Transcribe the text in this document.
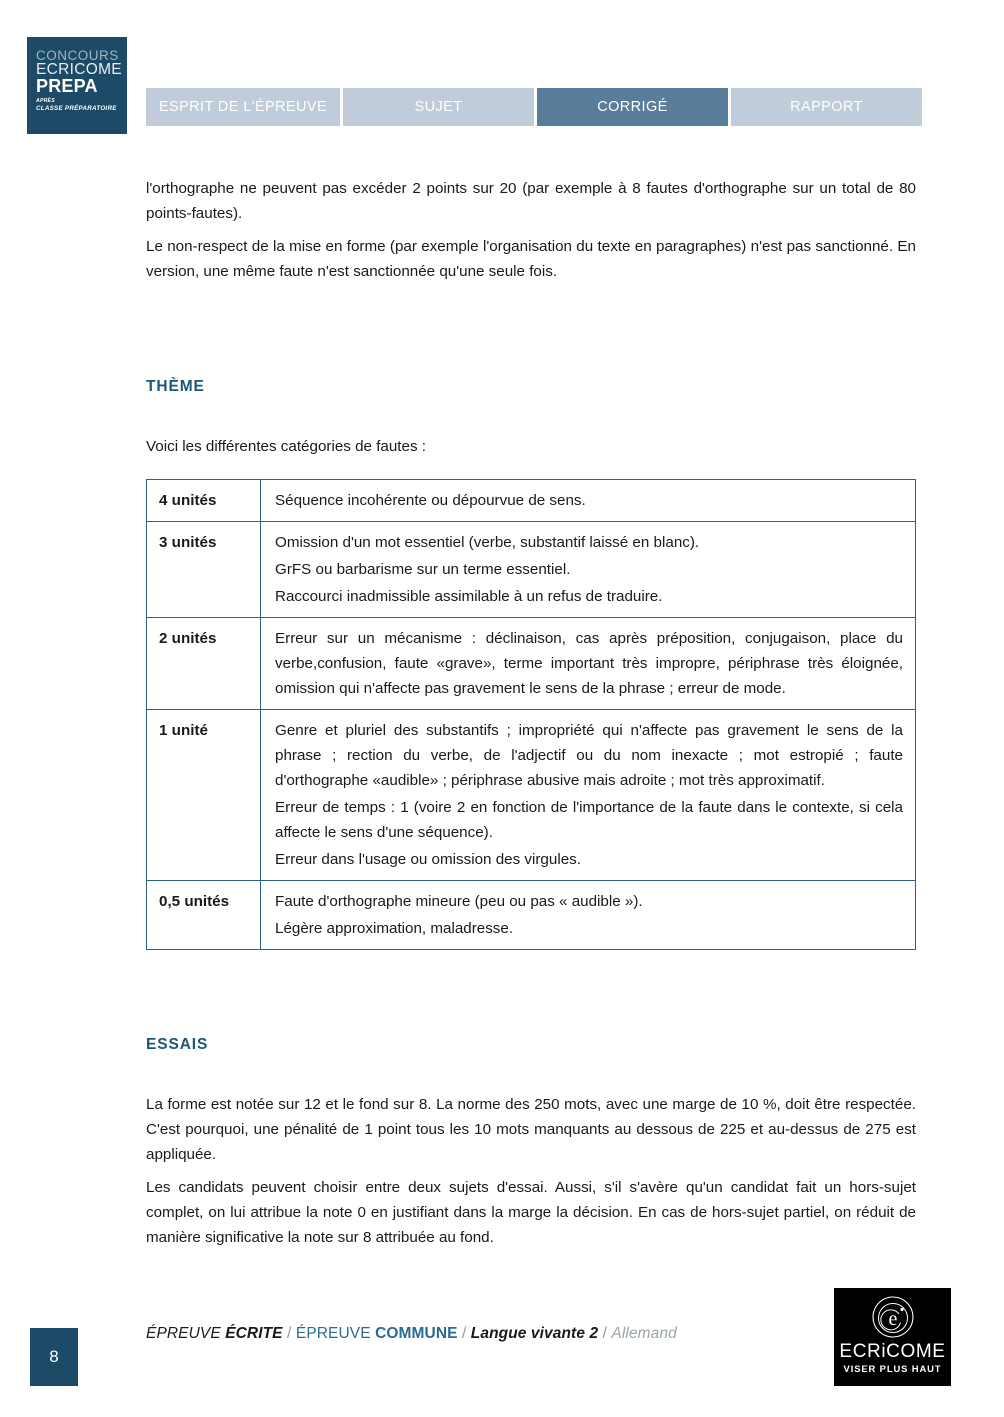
CONCOURS
ECRICOME
PREPA
APRÈS
CLASSE PRÉPARATOIRE	ESPRIT DE L'ÉPREUVE	SUJET	CORRIGÉ	RAPPORT

l'orthographe ne peuvent pas excéder 2 points sur 20 (par exemple à 8 fautes d'orthographe sur un total de 80 points-fautes).

Le non-respect de la mise en forme (par exemple l'organisation du texte en paragraphes) n'est pas sanctionné. En version, une même faute n'est sanctionnée qu'une seule fois.

THÈME

Voici les différentes catégories de fautes :

4 unités	Séquence incohérente ou dépourvue de sens.

3 unités	Omission d'un mot essentiel (verbe, substantif laissé en blanc).

GrFS ou barbarisme sur un terme essentiel.

Raccourci inadmissible assimilable à un refus de traduire.

2 unités	Erreur sur un mécanisme : déclinaison, cas après préposition, conjugaison, place du verbe,confusion, faute «grave», terme important très impropre, périphrase très éloignée, omission qui n'affecte pas gravement le sens de la phrase ; erreur de mode.

1 unité	Genre et pluriel des substantifs ; impropriété qui n'affecte pas gravement le sens de la phrase ; rection du verbe, de l'adjectif ou du nom inexacte ; mot estropié ; faute d'orthographe «audible» ; périphrase abusive mais adroite ; mot très approximatif.

Erreur de temps : 1 (voire 2 en fonction de l'importance de la faute dans le contexte, si cela affecte le sens d'une séquence).

Erreur dans l'usage ou omission des virgules.

0,5 unités	Faute d'orthographe mineure (peu ou pas « audible »).

Légère approximation, maladresse.

ESSAIS

La forme est notée sur 12 et le fond sur 8. La norme des 250 mots, avec une marge de 10 %, doit être respectée. C'est pourquoi, une pénalité de 1 point tous les 10 mots manquants au dessous de 225 et au-dessus de 275 est appliquée.

Les candidats peuvent choisir entre deux sujets d'essai. Aussi, s'il s'avère qu'un candidat fait un hors-sujet complet, on lui attribue la note 0 en justifiant dans la marge la décision. En cas de hors-sujet partiel, on réduit de manière significative la note sur 8 attribuée au fond.

8
ÉPREUVE ÉCRITE / ÉPREUVE COMMUNE / Langue vivante 2 / Allemand
e
ECRiCOME
VISER PLUS HAUT
